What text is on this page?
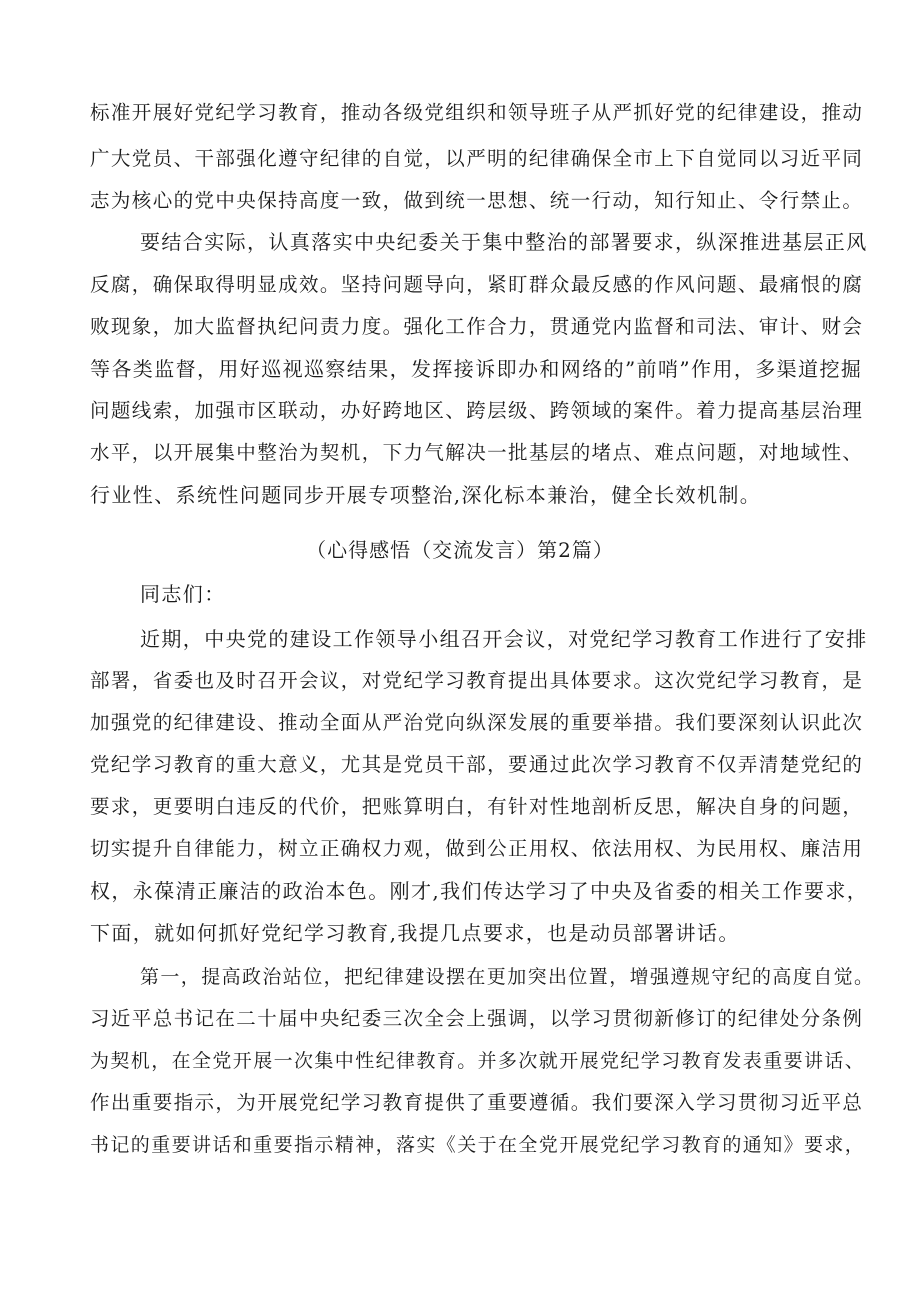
标准开展好党纪学习教育，推动各级党组织和领导班子从严抓好党的纪律建设，推动
广大党员、干部强化遵守纪律的自觉，以严明的纪律确保全市上下自觉同以习近平同
志为核心的党中央保持高度一致，做到统一思想、统一行动，知行知止、令行禁止。
要结合实际，认真落实中央纪委关于集中整治的部署要求，纵深推进基层正风
反腐，确保取得明显成效。坚持问题导向，紧盯群众最反感的作风问题、最痛恨的腐
败现象，加大监督执纪问责力度。强化工作合力，贯通党内监督和司法、审计、财会
等各类监督，用好巡视巡察结果，发挥接诉即办和网络的”前哨”作用，多渠道挖掘
问题线索，加强市区联动，办好跨地区、跨层级、跨领域的案件。着力提高基层治理
水平，以开展集中整治为契机，下力气解决一批基层的堵点、难点问题，对地域性、
行业性、系统性问题同步开展专项整治,深化标本兼治，健全长效机制。
（心得感悟（交流发言）第2篇）
同志们：
近期，中央党的建设工作领导小组召开会议，对党纪学习教育工作进行了安排
部署，省委也及时召开会议，对党纪学习教育提出具体要求。这次党纪学习教育，是
加强党的纪律建设、推动全面从严治党向纵深发展的重要举措。我们要深刻认识此次
党纪学习教育的重大意义，尤其是党员干部，要通过此次学习教育不仅弄清楚党纪的
要求，更要明白违反的代价，把账算明白，有针对性地剖析反思，解决自身的问题，
切实提升自律能力，树立正确权力观，做到公正用权、依法用权、为民用权、廉洁用
权，永葆清正廉洁的政治本色。刚才,我们传达学习了中央及省委的相关工作要求，
下面，就如何抓好党纪学习教育,我提几点要求，也是动员部署讲话。
第一，提高政治站位，把纪律建设摆在更加突出位置，增强遵规守纪的高度自觉。
习近平总书记在二十届中央纪委三次全会上强调，以学习贯彻新修订的纪律处分条例
为契机，在全党开展一次集中性纪律教育。并多次就开展党纪学习教育发表重要讲话、
作出重要指示，为开展党纪学习教育提供了重要遵循。我们要深入学习贯彻习近平总
书记的重要讲话和重要指示精神，落实《关于在全党开展党纪学习教育的通知》要求，
